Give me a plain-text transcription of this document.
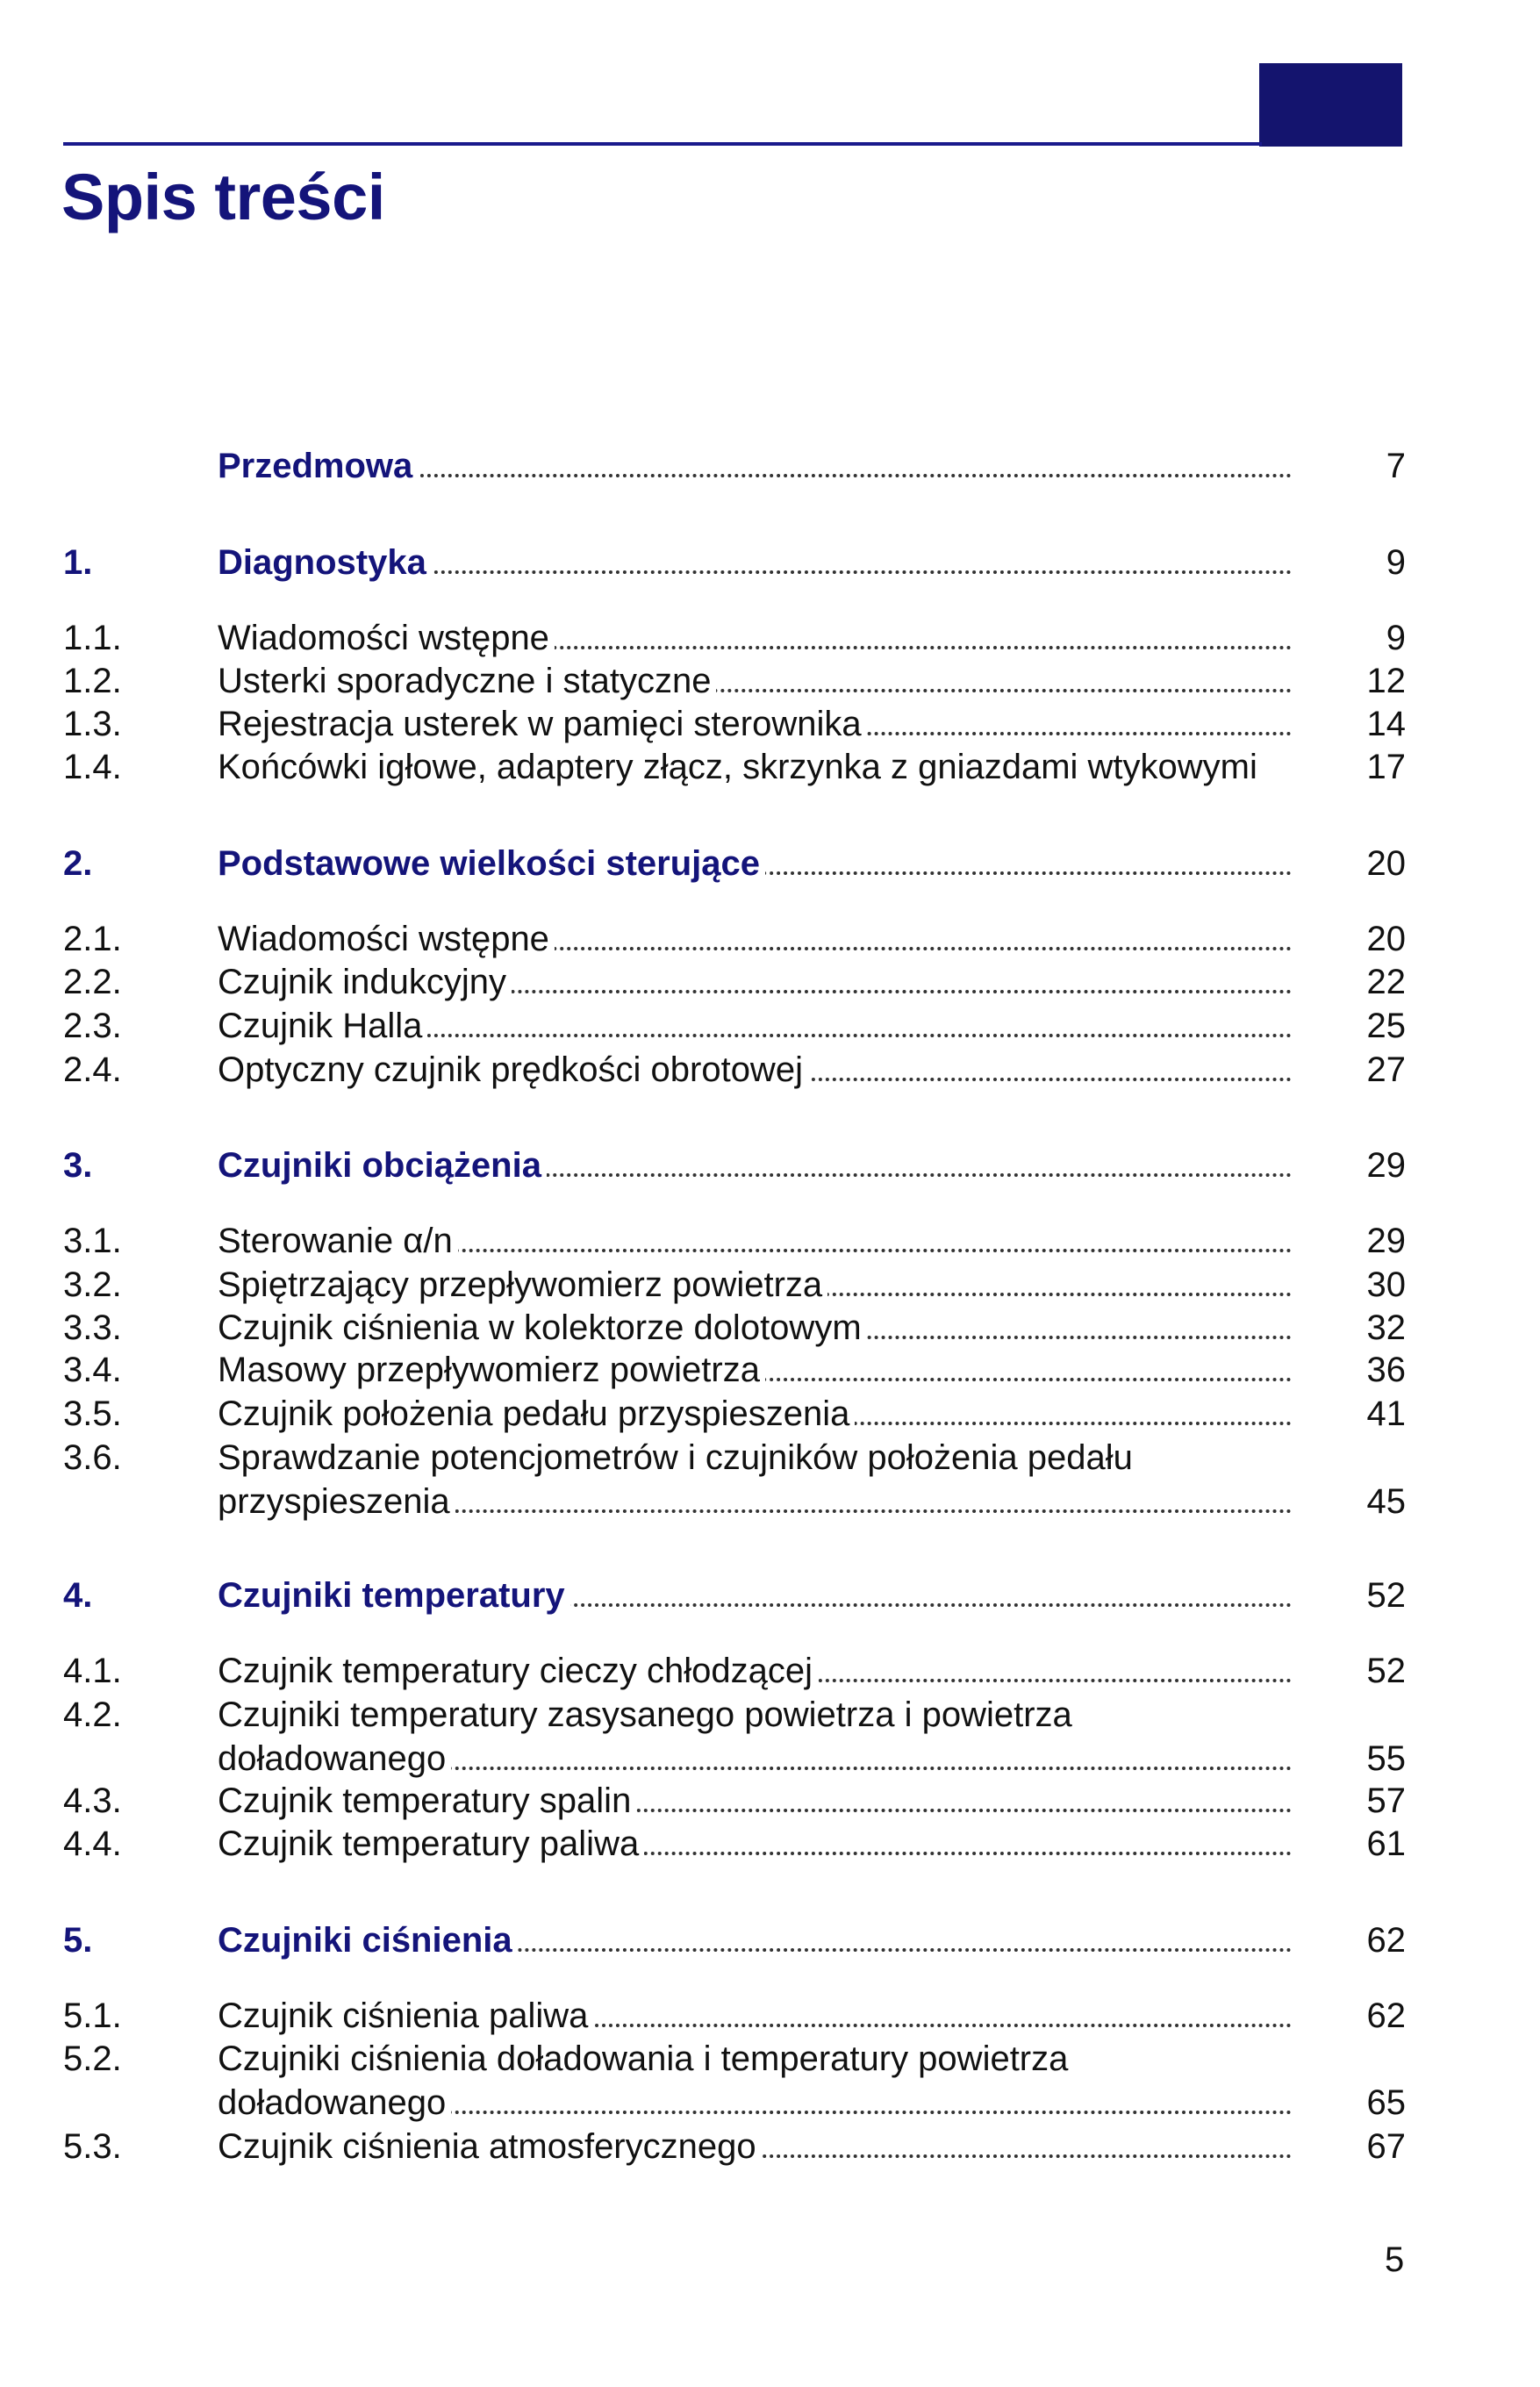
Spis treści
Przedmowa	7
1.	Diagnostyka	9
1.1.	Wiadomości wstępne	9
1.2.	Usterki sporadyczne i statyczne	12
1.3.	Rejestracja usterek w pamięci sterownika	14
1.4.	Końcówki igłowe, adaptery złącz, skrzynka z gniazdami wtykowymi	17
2.	Podstawowe wielkości sterujące	20
2.1.	Wiadomości wstępne	20
2.2.	Czujnik indukcyjny	22
2.3.	Czujnik Halla	25
2.4.	Optyczny czujnik prędkości obrotowej	27
3.	Czujniki obciążenia	29
3.1.	Sterowanie α/n	29
3.2.	Spiętrzający przepływomierz powietrza	30
3.3.	Czujnik ciśnienia w kolektorze dolotowym	32
3.4.	Masowy przepływomierz powietrza	36
3.5.	Czujnik położenia pedału przyspieszenia	41
3.6.	Sprawdzanie potencjometrów i czujników położenia pedału
przyspieszenia	45
4.	Czujniki temperatury	52
4.1.	Czujnik temperatury cieczy chłodzącej	52
4.2.	Czujniki temperatury zasysanego powietrza i powietrza
doładowanego	55
4.3.	Czujnik temperatury spalin	57
4.4.	Czujnik temperatury paliwa	61
5.	Czujniki ciśnienia	62
5.1.	Czujnik ciśnienia paliwa	62
5.2.	Czujniki ciśnienia doładowania i temperatury powietrza
doładowanego	65
5.3.	Czujnik ciśnienia atmosferycznego	67
5
